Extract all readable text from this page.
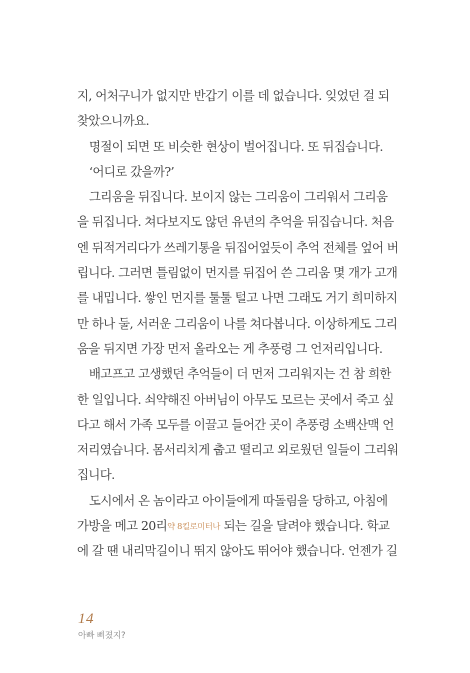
지, 어처구니가 없지만 반갑기 이를 데 없습니다. 잊었던 걸 되
찾았으니까요.
명절이 되면 또 비슷한 현상이 벌어집니다. 또 뒤집습니다.
‘어디로 갔을까?’
그리움을 뒤집니다. 보이지 않는 그리움이 그리워서 그리움
을 뒤집니다. 쳐다보지도 않던 유년의 추억을 뒤집습니다. 처음
엔 뒤적거리다가 쓰레기통을 뒤집어엎듯이 추억 전체를 엎어 버
립니다. 그러면 틀림없이 먼지를 뒤집어 쓴 그리움 몇 개가 고개
를 내밉니다. 쌓인 먼지를 툴툴 털고 나면 그래도 거기 희미하지
만 하나 둘, 서러운 그리움이 나를 쳐다봅니다. 이상하게도 그리
움을 뒤지면 가장 먼저 올라오는 게 추풍령 그 언저리입니다.
배고프고 고생했던 추억들이 더 먼저 그리워지는 건 참 희한
한 일입니다. 쇠약해진 아버님이 아무도 모르는 곳에서 죽고 싶
다고 해서 가족 모두를 이끌고 들어간 곳이 추풍령 소백산맥 언
저리였습니다. 몸서리치게 춥고 떨리고 외로웠던 일들이 그리워
집니다.
도시에서 온 놈이라고 아이들에게 따돌림을 당하고, 아침에
가방을 메고 20리약 8킬로미터나 되는 길을 달려야 했습니다. 학교
에 갈 땐 내리막길이니 뛰지 않아도 뛰어야 했습니다. 언젠가 길
14
아빠 삐졌지?
